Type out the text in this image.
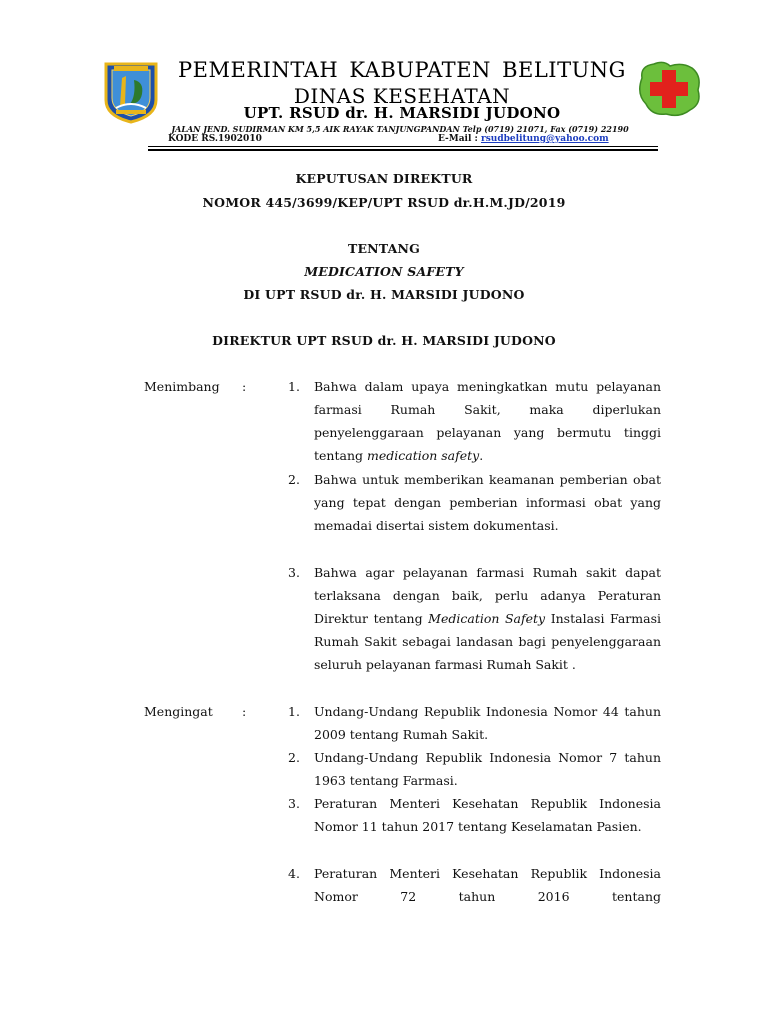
PEMERINTAH KABUPATEN BELITUNG
DINAS KESEHATAN
UPT. RSUD dr. H. MARSIDI JUDONO
JALAN JEND. SUDIRMAN KM 5,5 AIK RAYAK TANJUNGPANDAN Telp (0719) 21071, Fax (0719) 22190
KODE RS.1902010	E-Mail : rsudbelitung@yahoo.com
KEPUTUSAN DIREKTUR
NOMOR 445/3699/KEP/UPT RSUD dr.H.M.JD/2019
TENTANG
MEDICATION SAFETY
DI UPT RSUD dr. H. MARSIDI JUDONO
DIREKTUR UPT RSUD dr. H. MARSIDI JUDONO
Menimbang :	1.	Bahwa dalam upaya meningkatkan mutu pelayanan farmasi Rumah Sakit, maka diperlukan penyelenggaraan pelayanan yang bermutu tinggi tentang medication safety.
2.	Bahwa untuk memberikan keamanan pemberian obat yang tepat dengan pemberian informasi obat yang memadai disertai sistem dokumentasi.
3.	Bahwa agar pelayanan farmasi Rumah sakit dapat terlaksana dengan baik, perlu adanya Peraturan Direktur tentang Medication Safety Instalasi Farmasi Rumah Sakit sebagai landasan bagi penyelenggaraan seluruh pelayanan farmasi Rumah Sakit .
Mengingat :	1.	Undang-Undang Republik Indonesia Nomor 44 tahun 2009 tentang Rumah Sakit.
2.	Undang-Undang Republik Indonesia Nomor 7 tahun 1963 tentang Farmasi.
3.	Peraturan Menteri Kesehatan Republik Indonesia Nomor 11 tahun 2017 tentang Keselamatan Pasien.
4.	Peraturan Menteri Kesehatan Republik Indonesia Nomor 72 tahun 2016 tentang
